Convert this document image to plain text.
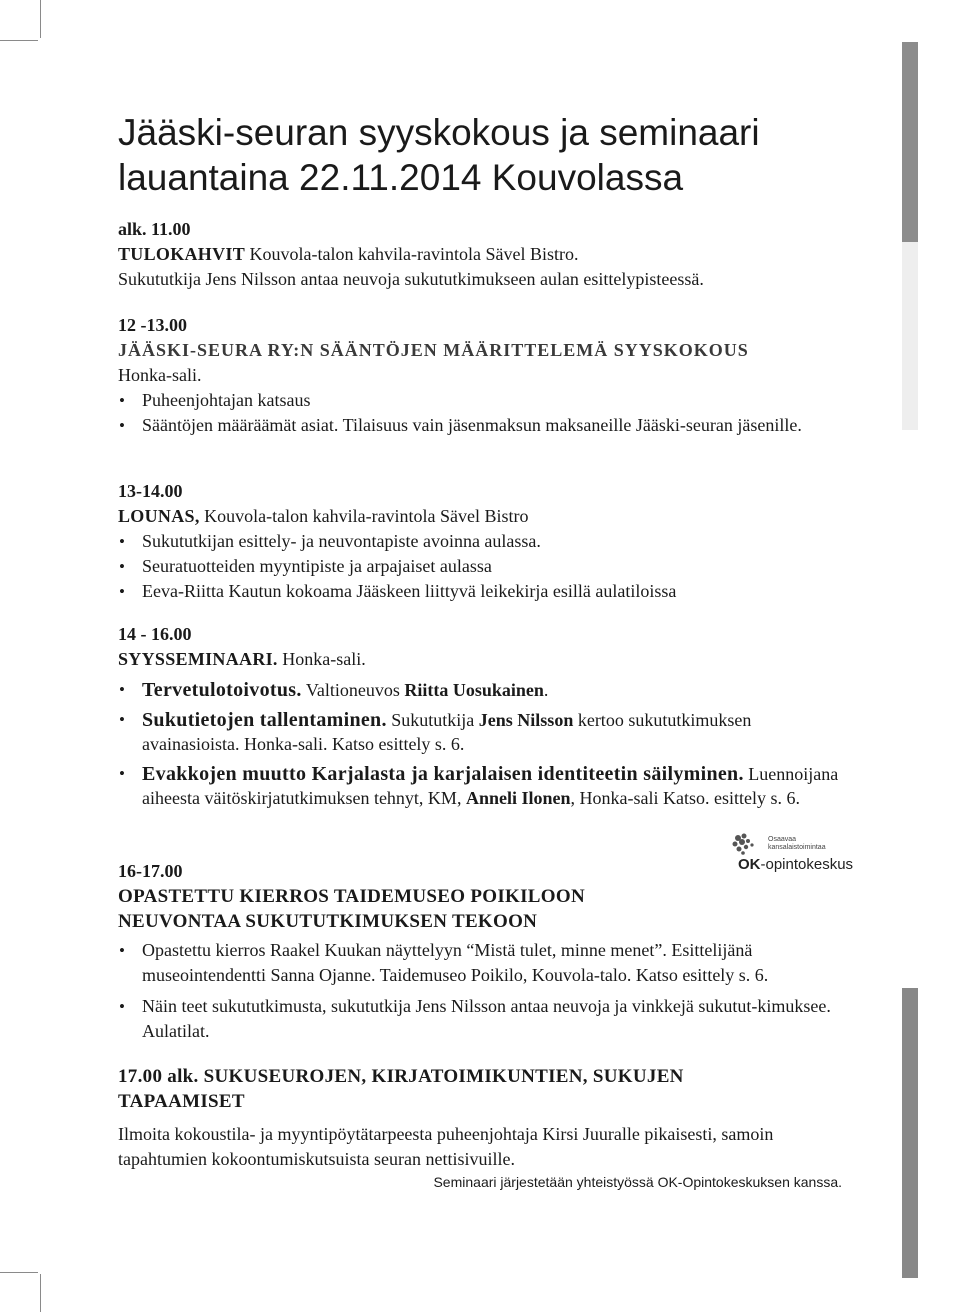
Jääski-seuran syyskokous ja seminaari
lauantaina 22.11.2014 Kouvolassa
alk. 11.00
TULOKAHVIT Kouvola-talon kahvila-ravintola Sävel Bistro.
Sukututkija Jens Nilsson antaa neuvoja sukututkimukseen aulan esittelypisteessä.
12 -13.00
JÄÄSKI-SEURA RY:N SÄÄNTÖJEN MÄÄRITTELEMÄ SYYSKOKOUS
Honka-sali.
• Puheenjohtajan katsaus
• Sääntöjen määräämät asiat. Tilaisuus vain jäsenmaksun maksaneille Jääski-seuran jäsenille.
13-14.00
LOUNAS, Kouvola-talon kahvila-ravintola Sävel Bistro
• Sukututkijan esittely- ja neuvontapiste avoinna aulassa.
• Seuratuotteiden myyntipiste ja arpajaiset aulassa
• Eeva-Riitta Kautun kokoama Jääskeen liittyvä leikekirja esillä aulatiloissa
14 - 16.00
SYYSSEMINAARI. Honka-sali.
• Tervetulotoivotus. Valtioneuvos Riitta Uosukainen.
• Sukutietojen tallentaminen. Sukututkija Jens Nilsson kertoo sukututkimuksen avainasioista. Honka-sali. Katso esittely s. 6.
• Evakkojen muutto Karjalasta ja karjalaisen identiteetin säilyminen. Luennoijana aiheesta väitöskirjatutkimuksen tehnyt, KM, Anneli Ilonen, Honka-sali Katso. esittely s. 6.
Osaavaa
kansalaistoimintaa
OK-opintokeskus
16-17.00
OPASTETTU KIERROS TAIDEMUSEO POIKILOON
NEUVONTAA SUKUTUTKIMUKSEN TEKOON
• Opastettu kierros Raakel Kuukan näyttelyyn “Mistä tulet, minne menet”. Esittelijänä museointendentti Sanna Ojanne. Taidemuseo Poikilo, Kouvola-talo. Katso esittely s. 6.
• Näin teet sukututkimusta, sukututkija Jens Nilsson antaa neuvoja ja vinkkejä sukutut-kimuksee. Aulatilat.
17.00 alk. SUKUSEUROJEN, KIRJATOIMIKUNTIEN, SUKUJEN TAPAAMISET
Ilmoita kokoustila- ja myyntipöytätarpeesta puheenjohtaja Kirsi Juuralle pikaisesti, samoin tapahtumien kokoontumiskutsuista seuran nettisivuille.
Seminaari järjestetään yhteistyössä OK-Opintokeskuksen kanssa.
